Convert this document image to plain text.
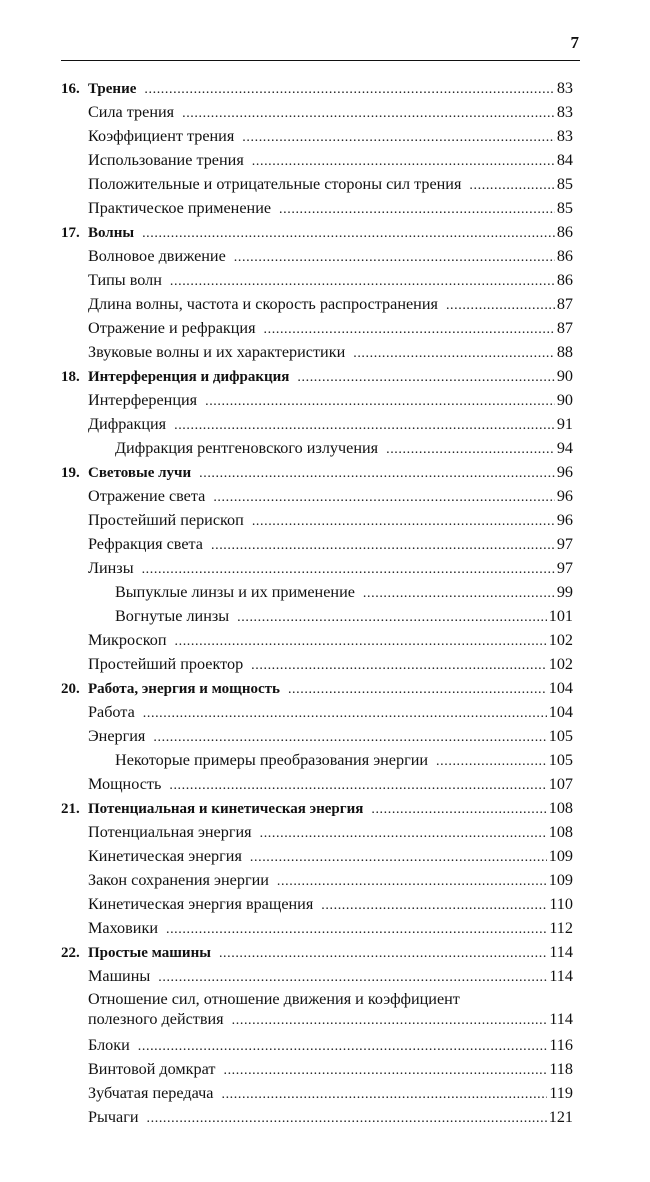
7
16. Трение .....	83
Сила трения .....	83
Коэффициент трения .....	83
Использование трения .....	84
Положительные и отрицательные стороны сил трения .....	85
Практическое применение .....	85
17. Волны .....	86
Волновое движение .....	86
Типы волн .....	86
Длина волны, частота и скорость распространения .....	87
Отражение и рефракция .....	87
Звуковые волны и их характеристики .....	88
18. Интерференция и дифракция .....	90
Интерференция .....	90
Дифракция .....	91
Дифракция рентгеновского излучения .....	94
19. Световые лучи .....	96
Отражение света .....	96
Простейший перископ .....	96
Рефракция света .....	97
Линзы .....	97
Выпуклые линзы и их применение .....	99
Вогнутые линзы .....	101
Микроскоп .....	102
Простейший проектор .....	102
20. Работа, энергия и мощность .....	104
Работа .....	104
Энергия .....	105
Некоторые примеры преобразования энергии .....	105
Мощность .....	107
21. Потенциальная и кинетическая энергия .....	108
Потенциальная энергия .....	108
Кинетическая энергия .....	109
Закон сохранения энергии .....	109
Кинетическая энергия вращения .....	110
Маховики .....	112
22. Простые машины .....	114
Машины .....	114
Отношение сил, отношение движения и коэффициент
полезного действия .....	114
Блоки .....	116
Винтовой домкрат .....	118
Зубчатая передача .....	119
Рычаги .....	121
